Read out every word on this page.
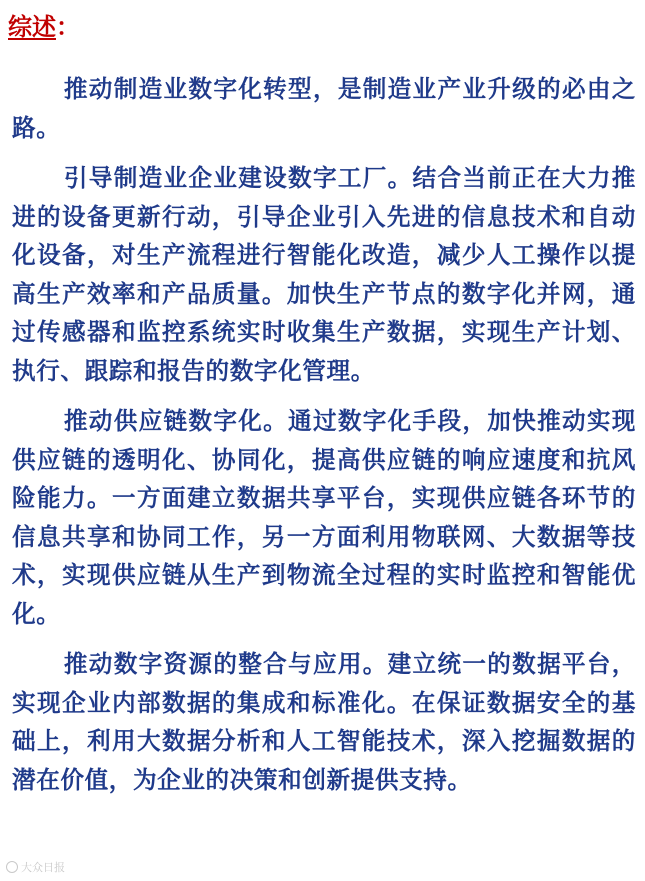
综述：

推动制造业数字化转型，是制造业产业升级的必由之路。

引导制造业企业建设数字工厂。结合当前正在大力推进的设备更新行动，引导企业引入先进的信息技术和自动化设备，对生产流程进行智能化改造，减少人工操作以提高生产效率和产品质量。加快生产节点的数字化并网，通过传感器和监控系统实时收集生产数据，实现生产计划、执行、跟踪和报告的数字化管理。

推动供应链数字化。通过数字化手段，加快推动实现供应链的透明化、协同化，提高供应链的响应速度和抗风险能力。一方面建立数据共享平台，实现供应链各环节的信息共享和协同工作，另一方面利用物联网、大数据等技术，实现供应链从生产到物流全过程的实时监控和智能优化。

推动数字资源的整合与应用。建立统一的数据平台，实现企业内部数据的集成和标准化。在保证数据安全的基础上，利用大数据分析和人工智能技术，深入挖掘数据的潜在价值，为企业的决策和创新提供支持。

大众日报
